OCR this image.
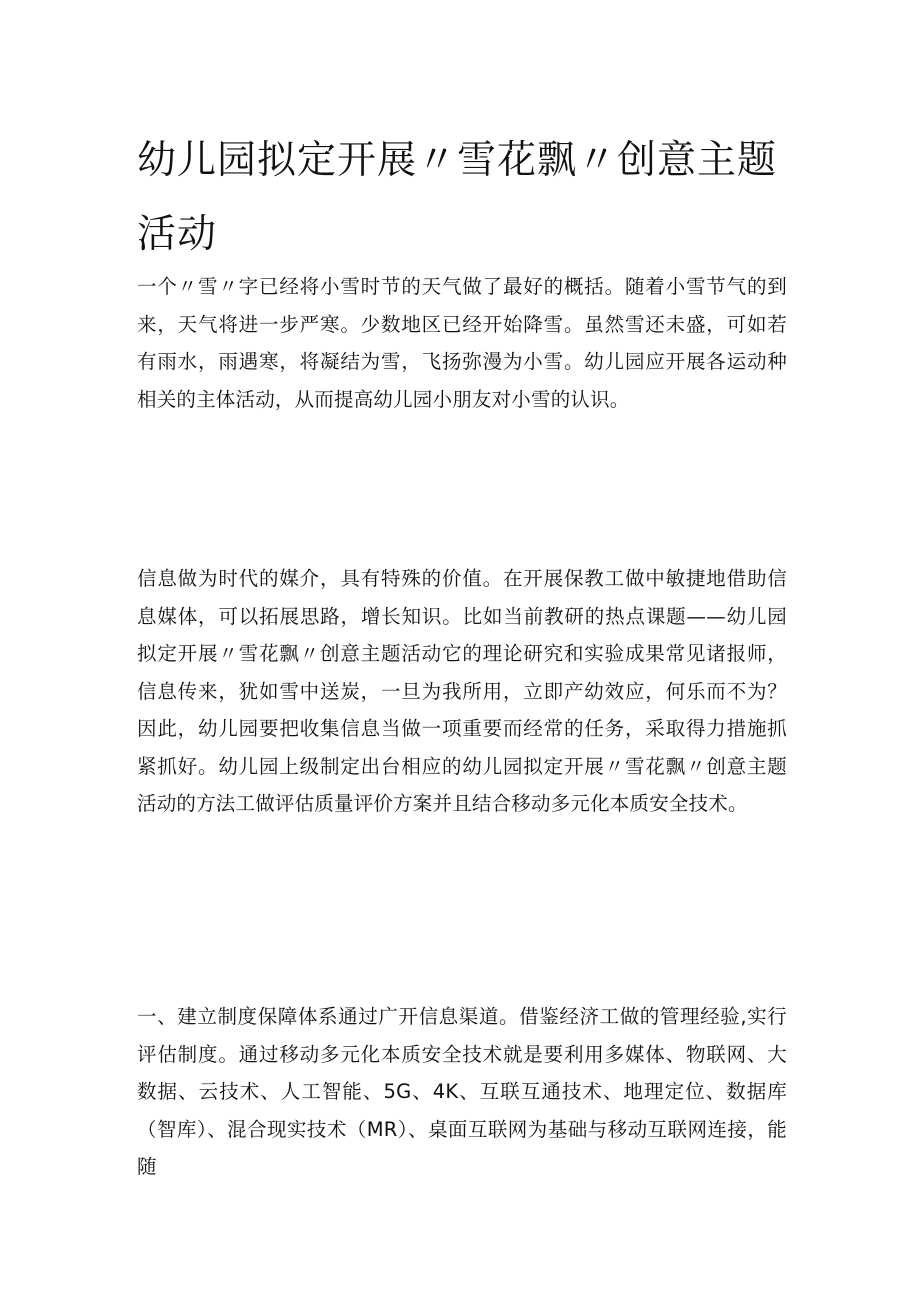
幼儿园拟定开展〃雪花飘〃创意主题活动

一个〃雪〃字已经将小雪时节的天气做了最好的概括。随着小雪节气的到来，天气将进一步严寒。少数地区已经开始降雪。虽然雪还未盛，可如若有雨水，雨遇寒，将凝结为雪，飞扬弥漫为小雪。幼儿园应开展各运动种相关的主体活动，从而提高幼儿园小朋友对小雪的认识。

信息做为时代的媒介，具有特殊的价值。在开展保教工做中敏捷地借助信息媒体，可以拓展思路，增长知识。比如当前教研的热点课题——幼儿园拟定开展〃雪花飘〃创意主题活动它的理论研究和实验成果常见诸报师，信息传来，犹如雪中送炭，一旦为我所用，立即产幼效应，何乐而不为？因此，幼儿园要把收集信息当做一项重要而经常的任务，采取得力措施抓紧抓好。幼儿园上级制定出台相应的幼儿园拟定开展〃雪花飘〃创意主题活动的方法工做评估质量评价方案并且结合移动多元化本质安全技术。

一、建立制度保障体系通过广开信息渠道。借鉴经济工做的管理经验,实行评估制度。通过移动多元化本质安全技术就是要利用多媒体、物联网、大数据、云技术、人工智能、5G、4K、互联互通技术、地理定位、数据库（智库）、混合现实技术（MR）、桌面互联网为基础与移动互联网连接，能随
